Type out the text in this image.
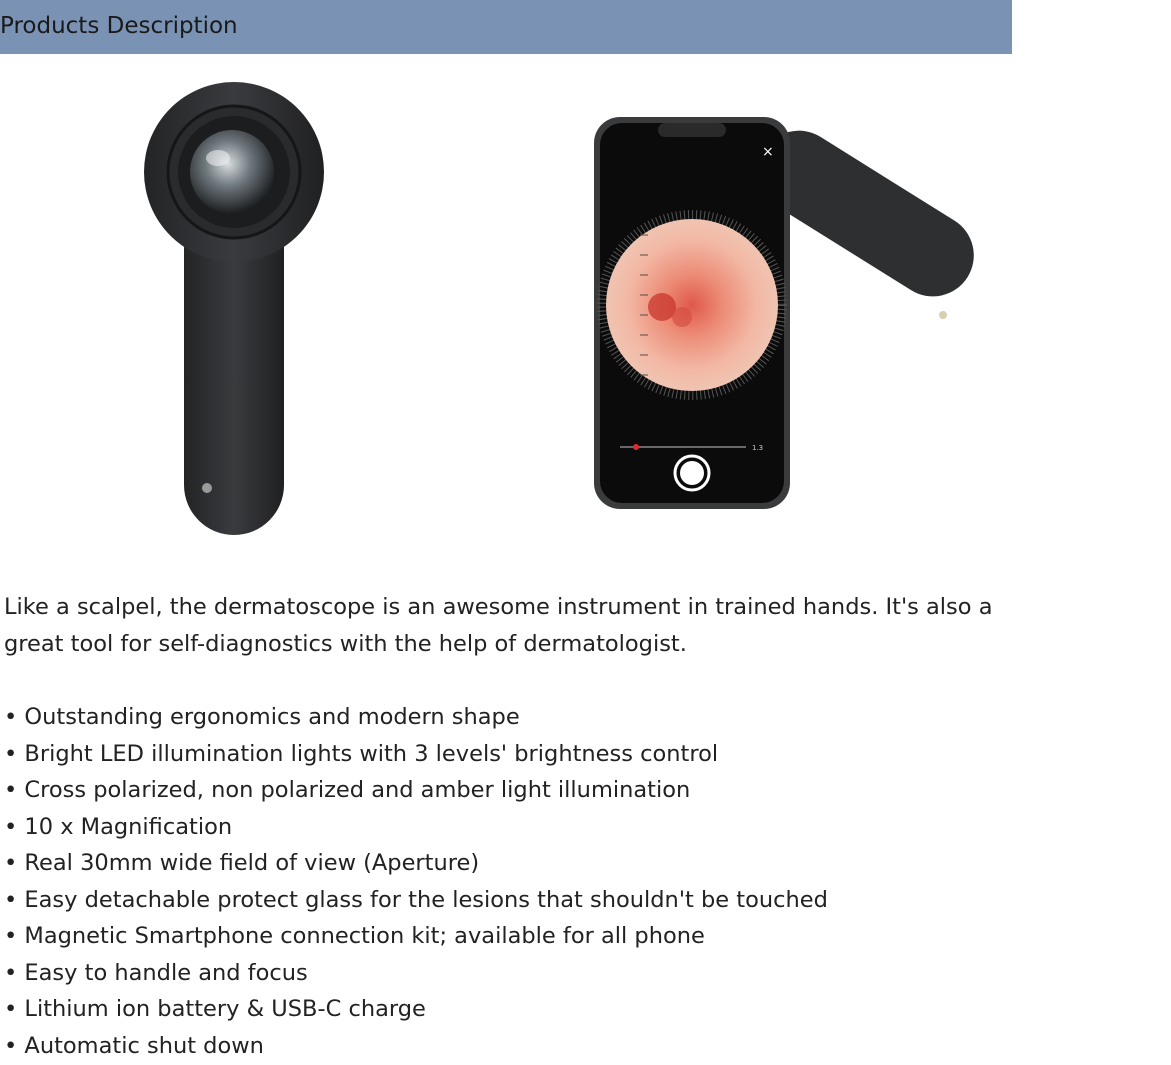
Products Description
×
1.3

Like a scalpel, the dermatoscope is an awesome instrument in trained hands. It's also a great tool for self-diagnostics with the help of dermatologist.

• Outstanding ergonomics and modern shape
• Bright LED illumination lights with 3 levels' brightness control
• Cross polarized, non polarized and amber light illumination
• 10 x Magnification
• Real 30mm wide field of view (Aperture)
• Easy detachable protect glass for the lesions that shouldn't be touched
• Magnetic Smartphone connection kit; available for all phone
• Easy to handle and focus
• Lithium ion battery & USB-C charge
• Automatic shut down
